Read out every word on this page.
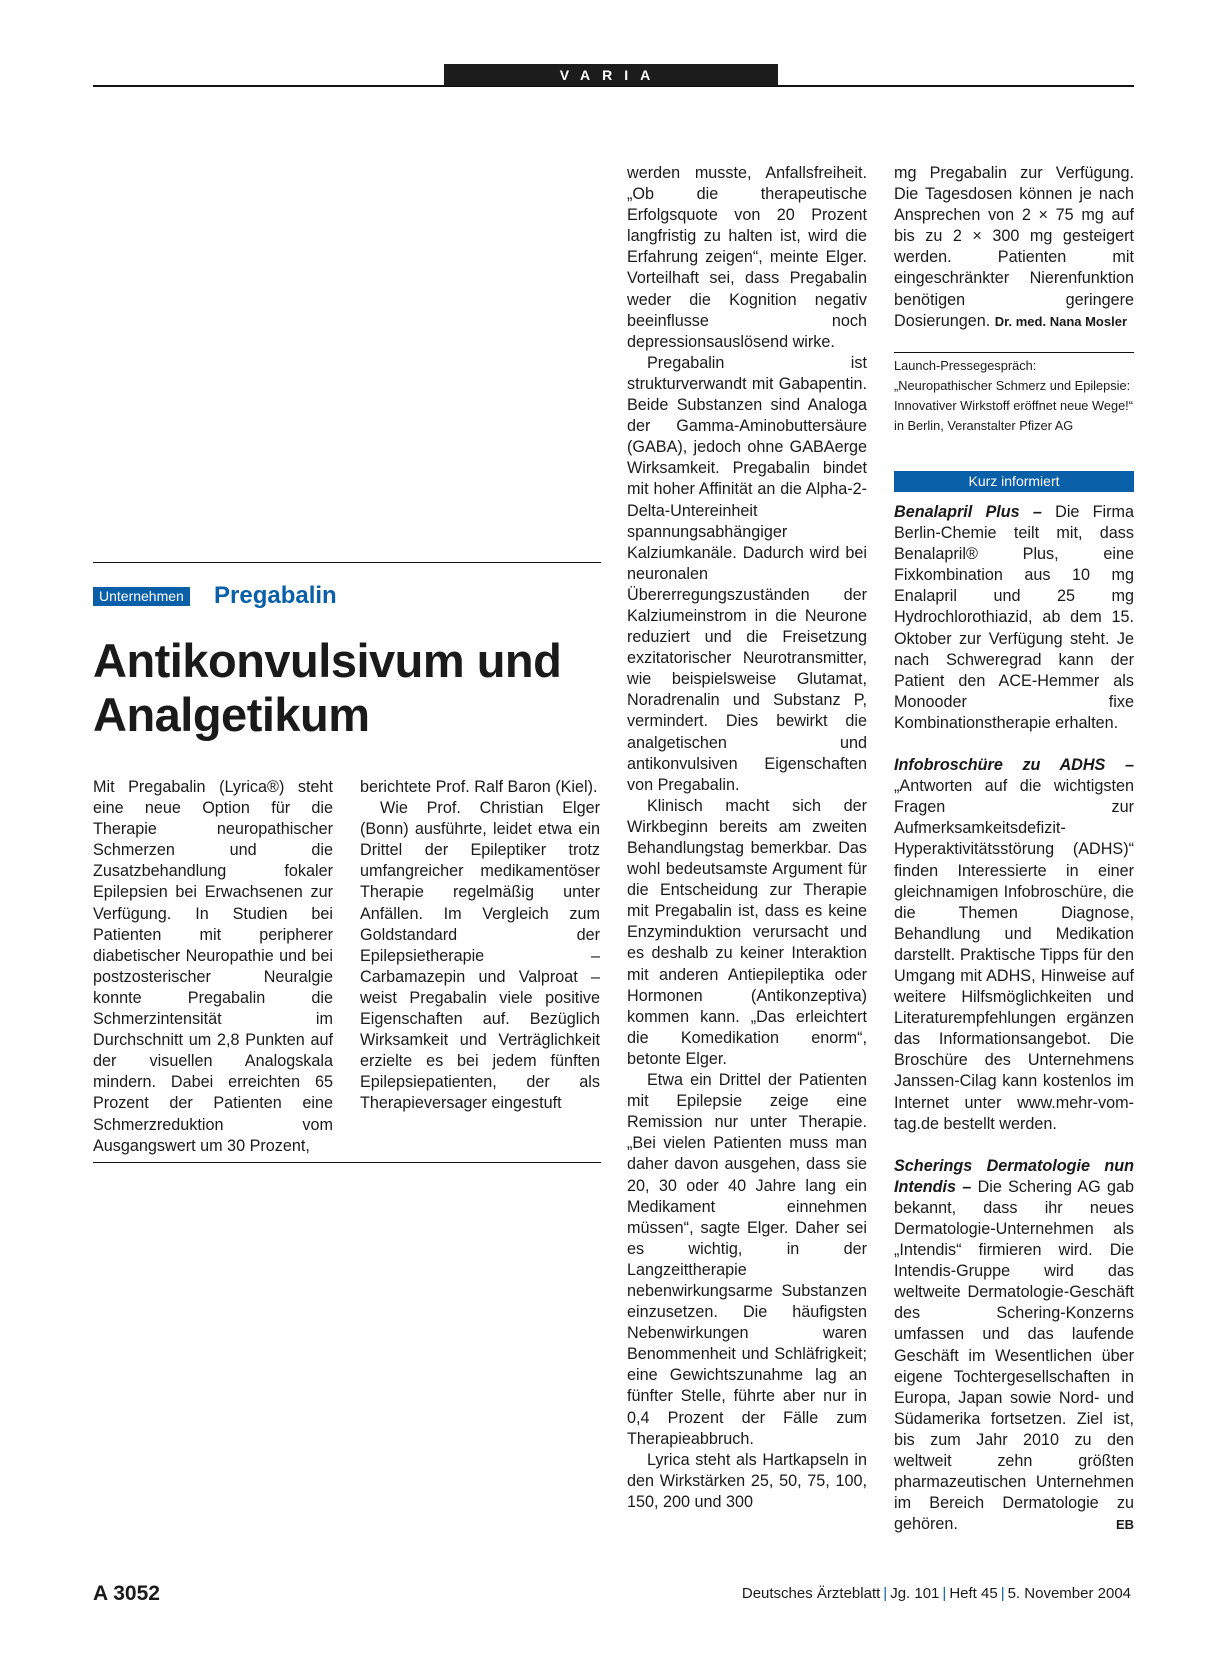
VARIA
Unternehmen Pregabalin
Antikonvulsivum und Analgetikum

Mit Pregabalin (Lyrica®) steht eine neue Option für die Therapie neuropathischer Schmerzen und die Zusatzbehandlung fokaler Epilepsien bei Erwachsenen zur Verfügung. In Studien bei Patienten mit peripherer diabetischer Neuropathie und bei postzosterischer Neuralgie konnte Pregabalin die Schmerzintensität im Durchschnitt um 2,8 Punkten auf der visuellen Analogskala mindern. Dabei erreichten 65 Prozent der Patienten eine Schmerzreduktion vom Ausgangswert um 30 Prozent,

berichtete Prof. Ralf Baron (Kiel).

Wie Prof. Christian Elger (Bonn) ausführte, leidet etwa ein Drittel der Epileptiker trotz umfangreicher medikamentöser Therapie regelmäßig unter Anfällen. Im Vergleich zum Goldstandard der Epilepsietherapie – Carbamazepin und Valproat – weist Pregabalin viele positive Eigenschaften auf. Bezüglich Wirksamkeit und Verträglichkeit erzielte es bei jedem fünften Epilepsiepatienten, der als Therapieversager eingestuft

werden musste, Anfallsfreiheit. „Ob die therapeutische Erfolgsquote von 20 Prozent langfristig zu halten ist, wird die Erfahrung zeigen“, meinte Elger. Vorteilhaft sei, dass Pregabalin weder die Kognition negativ beeinflusse noch depressionsauslösend wirke.

Pregabalin ist strukturverwandt mit Gabapentin. Beide Substanzen sind Analoga der Gamma-Aminobuttersäure (GABA), jedoch ohne GABAerge Wirksamkeit. Pregabalin bindet mit hoher Affinität an die Alpha-2-Delta-Untereinheit spannungsabhängiger Kalziumkanäle. Dadurch wird bei neuronalen Übererregungszuständen der Kalziumeinstrom in die Neurone reduziert und die Freisetzung exzitatorischer Neurotransmitter, wie beispielsweise Glutamat, Noradrenalin und Substanz P, vermindert. Dies bewirkt die analgetischen und antikonvulsiven Eigenschaften von Pregabalin.

Klinisch macht sich der Wirkbeginn bereits am zweiten Behandlungstag bemerkbar. Das wohl bedeutsamste Argument für die Entscheidung zur Therapie mit Pregabalin ist, dass es keine Enzyminduktion verursacht und es deshalb zu keiner Interaktion mit anderen Antiepileptika oder Hormonen (Antikonzeptiva) kommen kann. „Das erleichtert die Komedikation enorm“, betonte Elger.

Etwa ein Drittel der Patienten mit Epilepsie zeige eine Remission nur unter Therapie. „Bei vielen Patienten muss man daher davon ausgehen, dass sie 20, 30 oder 40 Jahre lang ein Medikament einnehmen müssen“, sagte Elger. Daher sei es wichtig, in der Langzeittherapie nebenwirkungsarme Substanzen einzusetzen. Die häufigsten Nebenwirkungen waren Benommenheit und Schläfrigkeit; eine Gewichtszunahme lag an fünfter Stelle, führte aber nur in 0,4 Prozent der Fälle zum Therapieabbruch.

Lyrica steht als Hartkapseln in den Wirkstärken 25, 50, 75, 100, 150, 200 und 300

mg Pregabalin zur Verfügung. Die Tagesdosen können je nach Ansprechen von 2 × 75 mg auf bis zu 2 × 300 mg gesteigert werden. Patienten mit eingeschränkter Nierenfunktion benötigen geringere Dosierungen. Dr. med. Nana Mosler

Launch-Pressegespräch: „Neuropathischer Schmerz und Epilepsie: Innovativer Wirkstoff eröffnet neue Wege!“ in Berlin, Veranstalter Pfizer AG
Kurz informiert

Benalapril Plus – Die Firma Berlin-Chemie teilt mit, dass Benalapril® Plus, eine Fixkombination aus 10 mg Enalapril und 25 mg Hydrochlorothiazid, ab dem 15. Oktober zur Verfügung steht. Je nach Schweregrad kann der Patient den ACE-Hemmer als Monooder fixe Kombinationstherapie erhalten.

Infobroschüre zu ADHS – „Antworten auf die wichtigsten Fragen zur Aufmerksamkeitsdefizit-Hyperaktivitätsstörung (ADHS)“ finden Interessierte in einer gleichnamigen Infobroschüre, die die Themen Diagnose, Behandlung und Medikation darstellt. Praktische Tipps für den Umgang mit ADHS, Hinweise auf weitere Hilfsmöglichkeiten und Literaturempfehlungen ergänzen das Informationsangebot. Die Broschüre des Unternehmens Janssen-Cilag kann kostenlos im Internet unter www.mehr-vom-tag.de bestellt werden.

Scherings Dermatologie nun Intendis – Die Schering AG gab bekannt, dass ihr neues Dermatologie-Unternehmen als „Intendis“ firmieren wird. Die Intendis-Gruppe wird das weltweite Dermatologie-Geschäft des Schering-Konzerns umfassen und das laufende Geschäft im Wesentlichen über eigene Tochtergesellschaften in Europa, Japan sowie Nord- und Südamerika fortsetzen. Ziel ist, bis zum Jahr 2010 zu den weltweit zehn größten pharmazeutischen Unternehmen im Bereich Dermatologie zu gehören.	EB

A 3052	Deutsches Ärzteblatt | Jg. 101 | Heft 45 | 5. November 2004
